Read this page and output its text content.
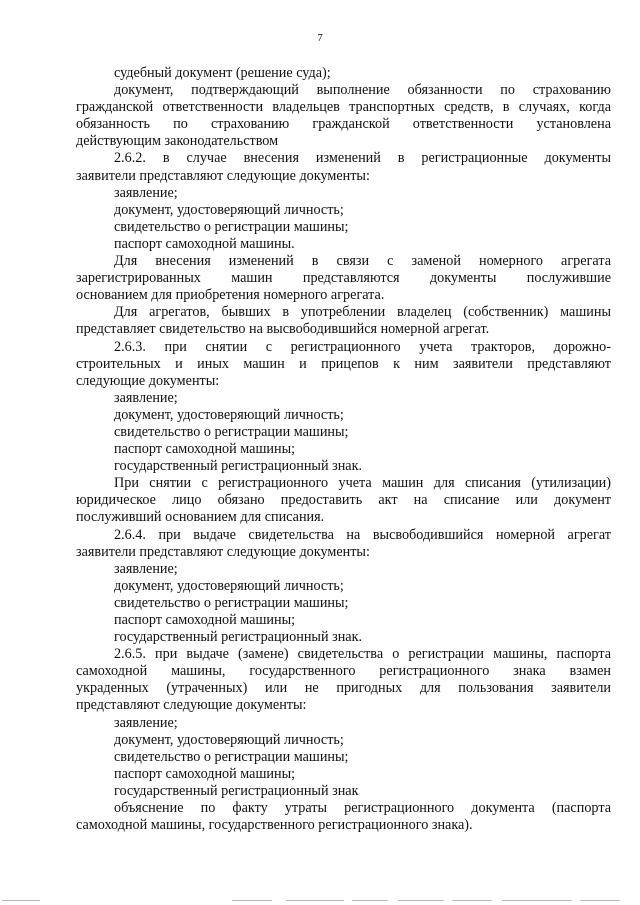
7
судебный документ (решение суда);
документ, подтверждающий выполнение обязанности по страхованию
гражданской ответственности владельцев транспортных средств, в случаях, когда
обязанность по страхованию гражданской ответственности установлена
действующим законодательством
2.6.2. в случае внесения изменений в регистрационные документы
заявители представляют следующие документы:
заявление;
документ, удостоверяющий личность;
свидетельство о регистрации машины;
паспорт самоходной машины.
Для внесения изменений в связи с заменой номерного агрегата
зарегистрированных машин представляются документы послужившие
основанием для приобретения номерного агрегата.
Для агрегатов, бывших в употреблении владелец (собственник) машины
представляет свидетельство на высвободившийся номерной агрегат.
2.6.3. при снятии с регистрационного учета тракторов, дорожно-
строительных и иных машин и прицепов к ним заявители представляют
следующие документы:
заявление;
документ, удостоверяющий личность;
свидетельство о регистрации машины;
паспорт самоходной машины;
государственный регистрационный знак.
При снятии с регистрационного учета машин для списания (утилизации)
юридическое лицо обязано предоставить акт на списание или документ
послуживший основанием для списания.
2.6.4. при выдаче свидетельства на высвободившийся номерной агрегат
заявители представляют следующие документы:
заявление;
документ, удостоверяющий личность;
свидетельство о регистрации машины;
паспорт самоходной машины;
государственный регистрационный знак.
2.6.5. при выдаче (замене) свидетельства о регистрации машины, паспорта
самоходной машины, государственного регистрационного знака взамен
украденных (утраченных) или не пригодных для пользования заявители
представляют следующие документы:
заявление;
документ, удостоверяющий личность;
свидетельство о регистрации машины;
паспорт самоходной машины;
государственный регистрационный знак
объяснение по факту утраты регистрационного документа (паспорта
самоходной машины, государственного регистрационного знака).
